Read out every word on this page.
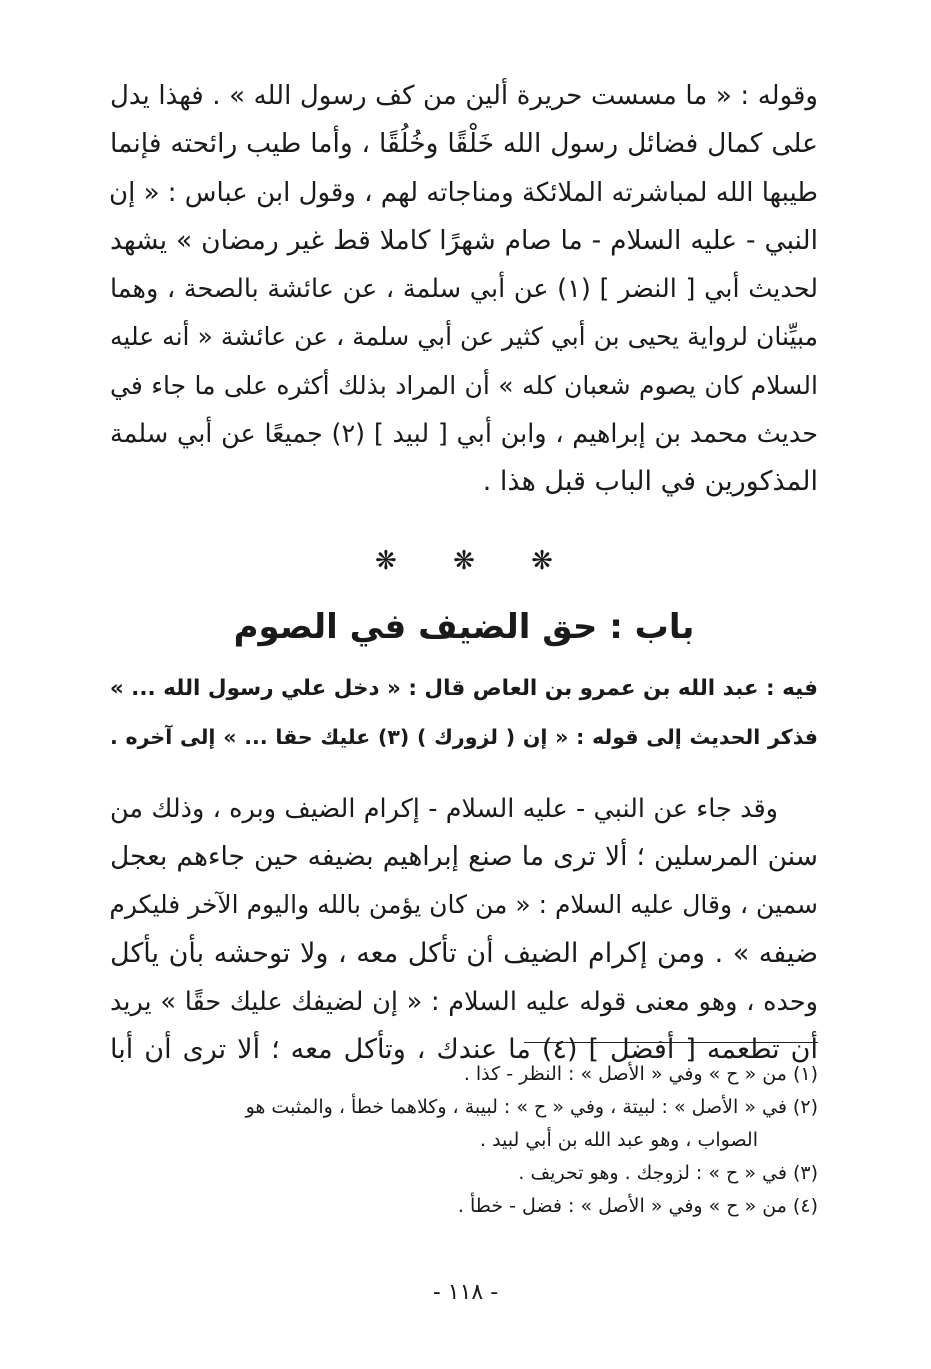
وقوله : « ما مسست حريرة ألين من كف رسول الله » . فهذا يدل
على كمال فضائل رسول الله خَلْقًا وخُلُقًا ، وأما طيب رائحته فإنما
طيبها الله لمباشرته الملائكة ومناجاته لهم ، وقول ابن عباس : « إن
النبي - عليه السلام - ما صام شهرًا كاملا قط غير رمضان » يشهد
لحديث أبي [ النضر ] (١) عن أبي سلمة ، عن عائشة بالصحة ، وهما
مبيِّنان لرواية يحيى بن أبي كثير عن أبي سلمة ، عن عائشة « أنه عليه
السلام كان يصوم شعبان كله » أن المراد بذلك أكثره على ما جاء في
حديث محمد بن إبراهيم ، وابن أبي [ لبيد ] (٢) جميعًا عن أبي سلمة
المذكورين في الباب قبل هذا .

❋ ❋ ❋
باب : حق الضيف في الصوم

فيه : عبد الله بن عمرو بن العاص قال : « دخل علي رسول الله ... »
فذكر الحديث إلى قوله : « إن ( لزورك ) (٣) عليك حقا ... » إلى آخره .

وقد جاء عن النبي - عليه السلام - إكرام الضيف وبره ، وذلك من
سنن المرسلين ؛ ألا ترى ما صنع إبراهيم بضيفه حين جاءهم بعجل
سمين ، وقال عليه السلام : « من كان يؤمن بالله واليوم الآخر فليكرم
ضيفه » . ومن إكرام الضيف أن تأكل معه ، ولا توحشه بأن يأكل
وحده ، وهو معنى قوله عليه السلام : « إن لضيفك عليك حقًا » يريد
أن تطعمه [ أفضل ] (٤) ما عندك ، وتأكل معه ؛ ألا ترى أن أبا

(١) من « ح » وفي « الأصل » : النظر - كذا .
(٢) في « الأصل » : لبيتة ، وفي « ح » : لبيبة ، وكلاهما خطأ ، والمثبت هو
الصواب ، وهو عبد الله بن أبي لبيد .
(٣) في « ح » : لزوجك . وهو تحريف .
(٤) من « ح » وفي « الأصل » : فضل - خطأ .
- ١١٨ -
